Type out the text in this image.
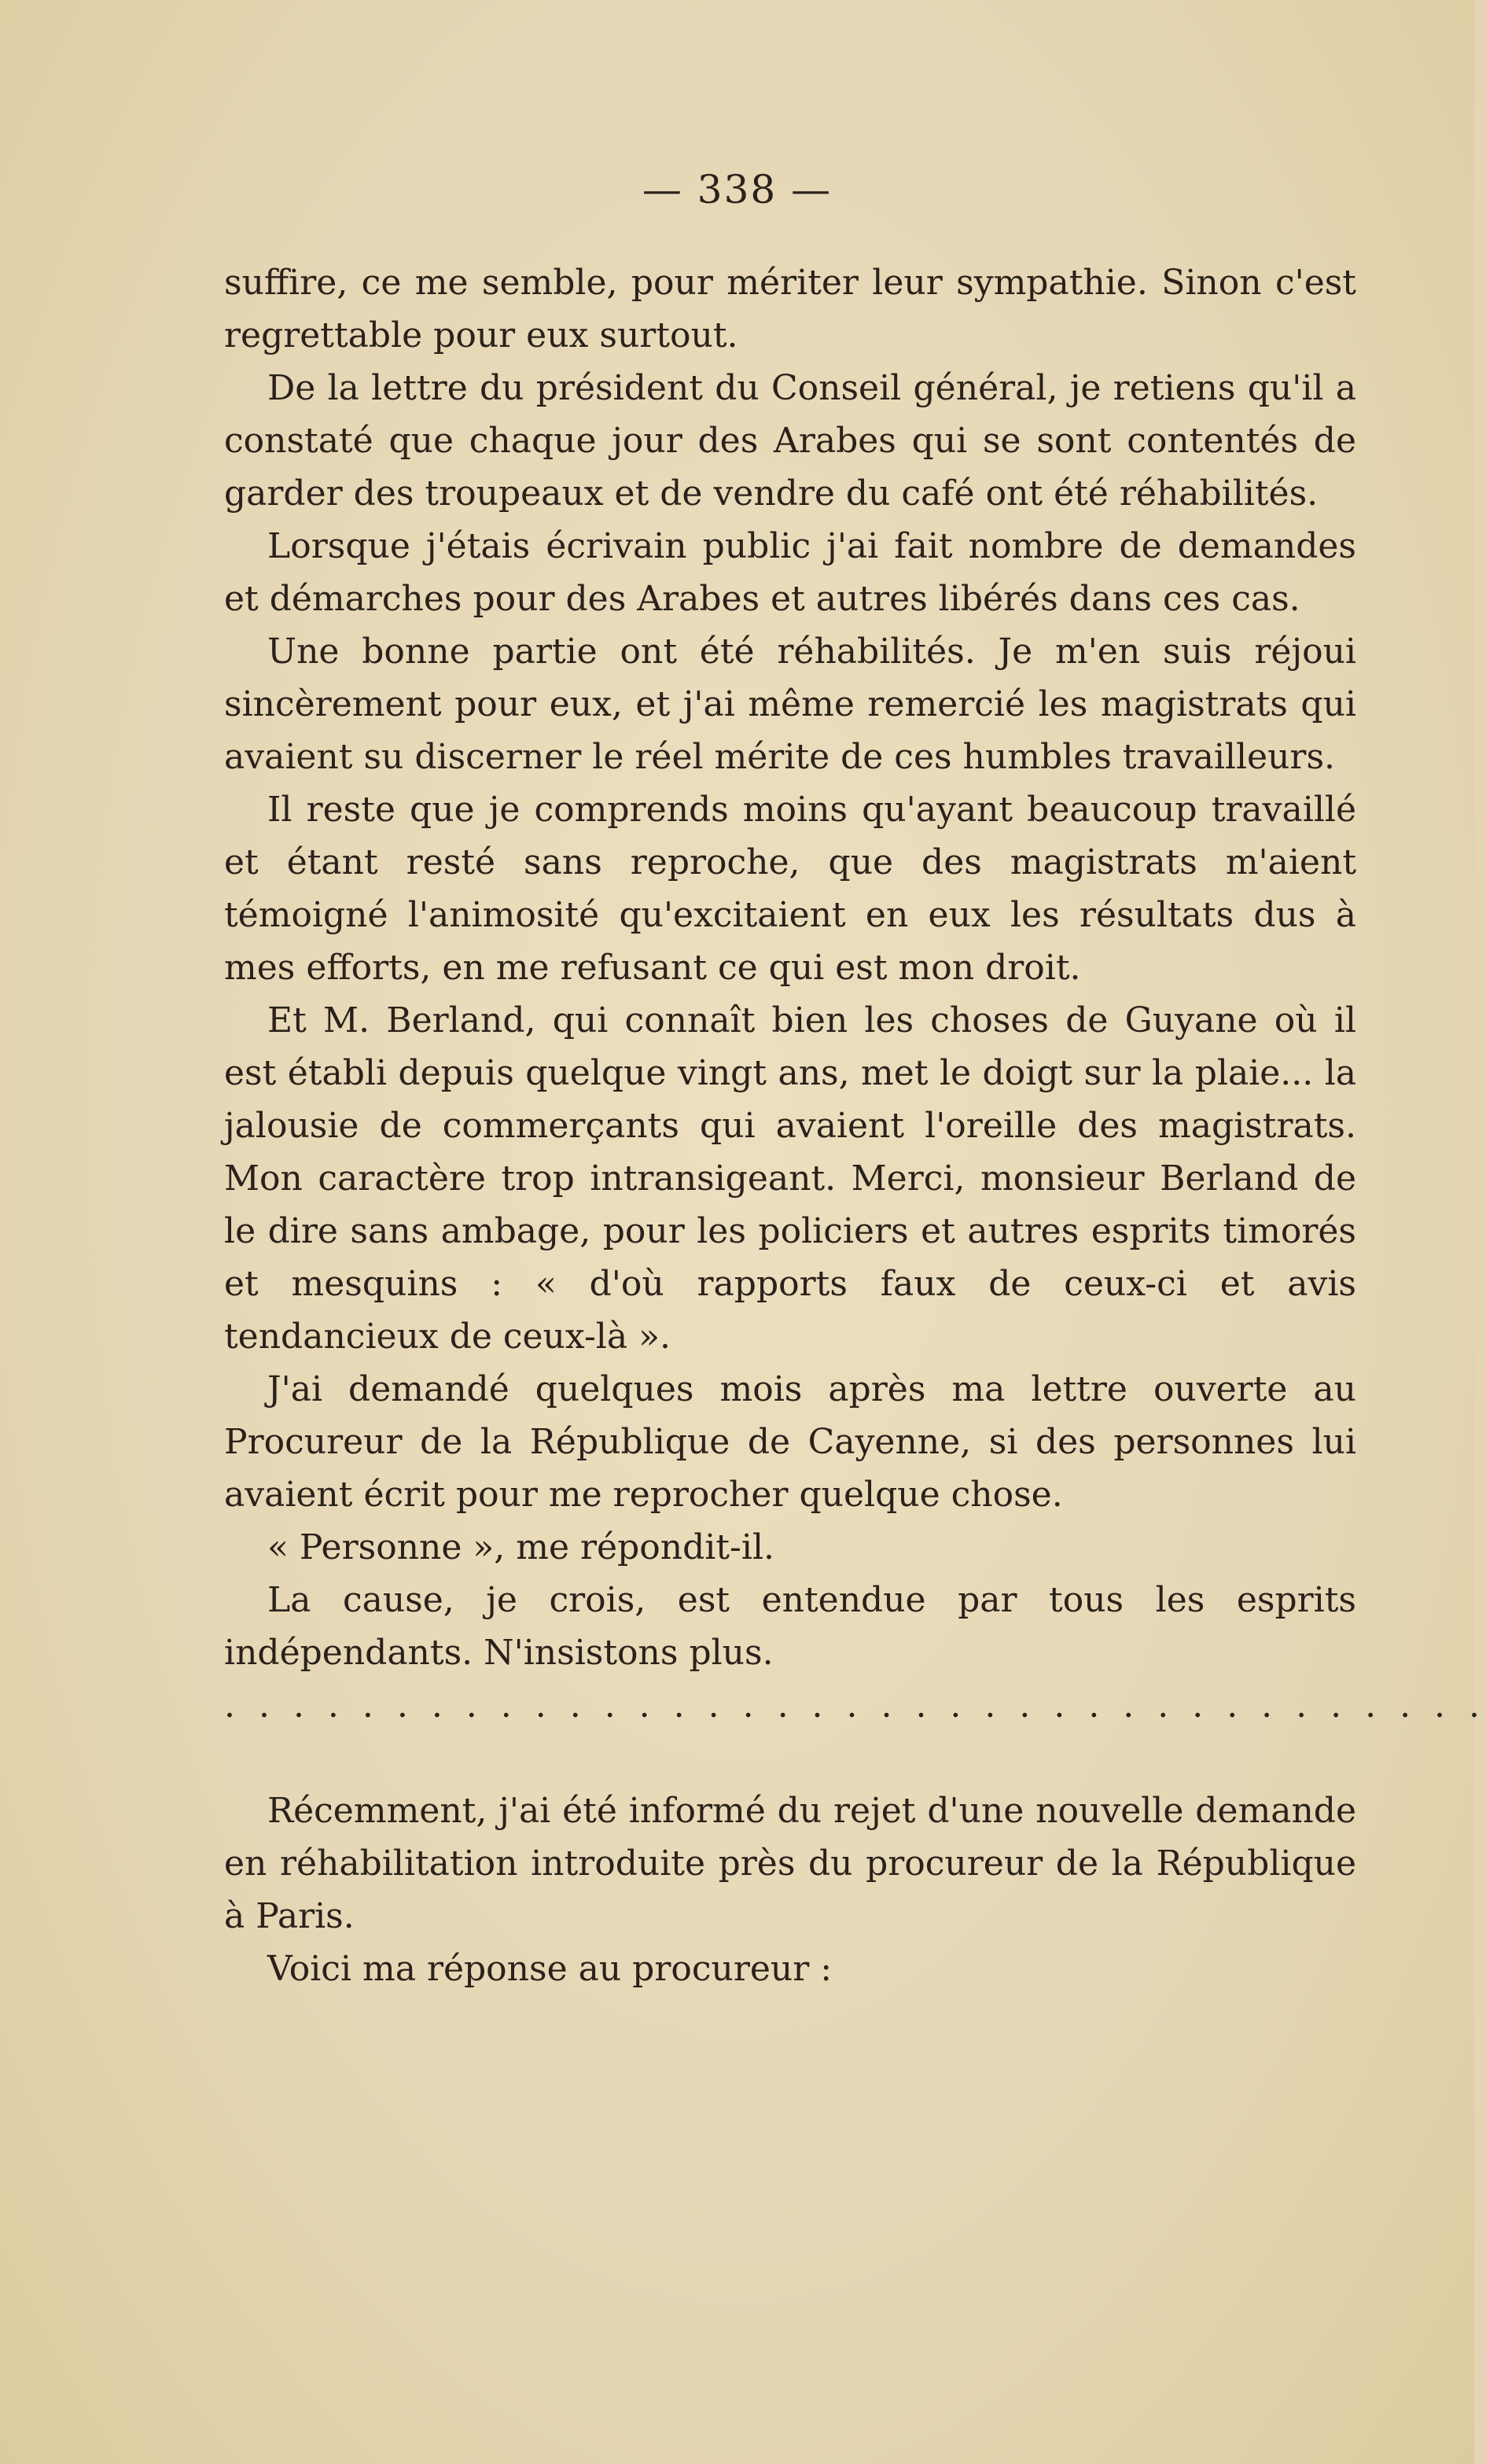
— 338 —

suffire, ce me semble, pour mériter leur sympathie. Sinon c'est regrettable pour eux surtout.

De la lettre du président du Conseil général, je retiens qu'il a constaté que chaque jour des Arabes qui se sont contentés de garder des troupeaux et de vendre du café ont été réhabilités.

Lorsque j'étais écrivain public j'ai fait nombre de demandes et démarches pour des Arabes et autres libérés dans ces cas.

Une bonne partie ont été réhabilités. Je m'en suis réjoui sincèrement pour eux, et j'ai même remercié les magistrats qui avaient su discerner le réel mérite de ces humbles travailleurs.

Il reste que je comprends moins qu'ayant beaucoup travaillé et étant resté sans reproche, que des magistrats m'aient témoigné l'animosité qu'excitaient en eux les résultats dus à mes efforts, en me refusant ce qui est mon droit.

Et M. Berland, qui connaît bien les choses de Guyane où il est établi depuis quelque vingt ans, met le doigt sur la plaie... la jalousie de commerçants qui avaient l'oreille des magistrats. Mon caractère trop intransigeant. Merci, monsieur Berland de le dire sans ambage, pour les policiers et autres esprits timorés et mesquins : « d'où rapports faux de ceux-ci et avis tendancieux de ceux-là ».

J'ai demandé quelques mois après ma lettre ouverte au Procureur de la République de Cayenne, si des personnes lui avaient écrit pour me reprocher quelque chose.

« Personne », me répondit-il.

La cause, je crois, est entendue par tous les esprits indépendants. N'insistons plus.

. . . . . . . . . . . . . . . . . . . . . . . . . . . . . . . . . . . . .

Récemment, j'ai été informé du rejet d'une nouvelle demande en réhabilitation introduite près du procureur de la République à Paris.

Voici ma réponse au procureur :
